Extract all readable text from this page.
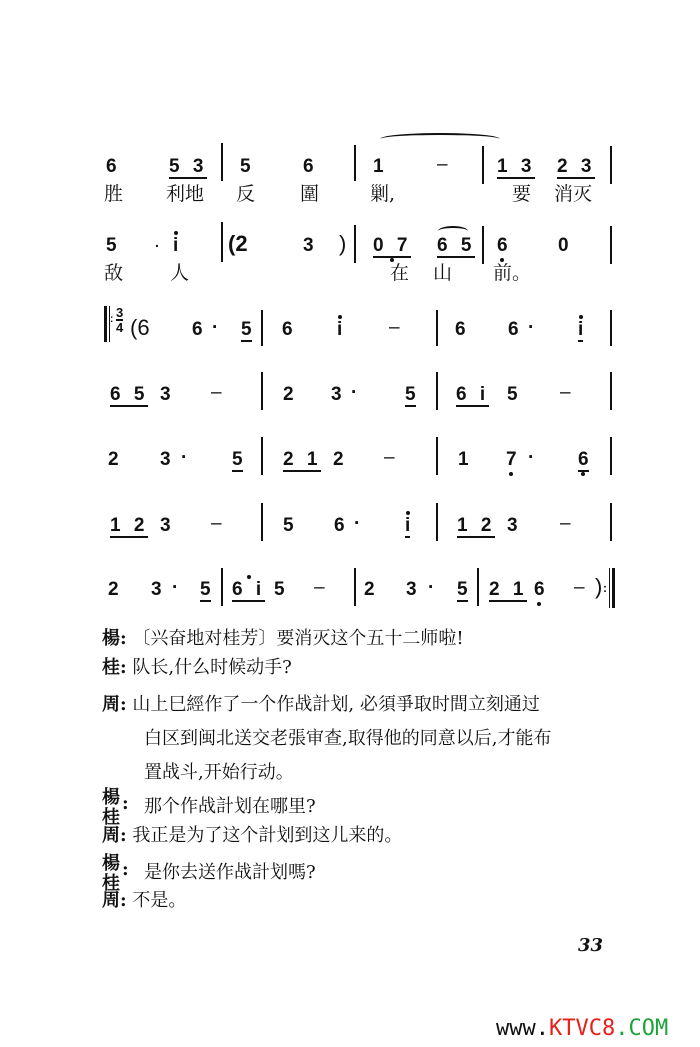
6	5 3 5	6	1	–	1 3 2 3
胜 利地 反 圍	剿,	要 消灭
5	. i (2	3 ) 0 7 6 5 6	0
敌 人	在 山 前。
: 3
4 (6 6 · 5 6 i –	6 6 · i
6 5 3 –	2 3 ·	5 6 i 5 –
2 3 · 5 2 1 2 –	1 7 · 6
1 2 3 –	5 6 · i 1 2 3 –
2 3 · 5 6 i 5 – 2 3 · 5 2 1 6 – ) :
楊: 〔兴奋地对桂芳〕要消灭这个五十二师啦!
桂: 队长,什么时候动手?
周: 山上巳經作了一个作战計划, 必須爭取时間立刻通过
白区到闽北送交老張审查,取得他的同意以后,才能布
置战斗,开始行动。
楊
桂
: 那个作战計划在哪里?
周: 我正是为了这个計划到这儿来的。
楊
桂
: 是你去送作战計划嗎?
周: 不是。
33
www.KTVC8.COM
